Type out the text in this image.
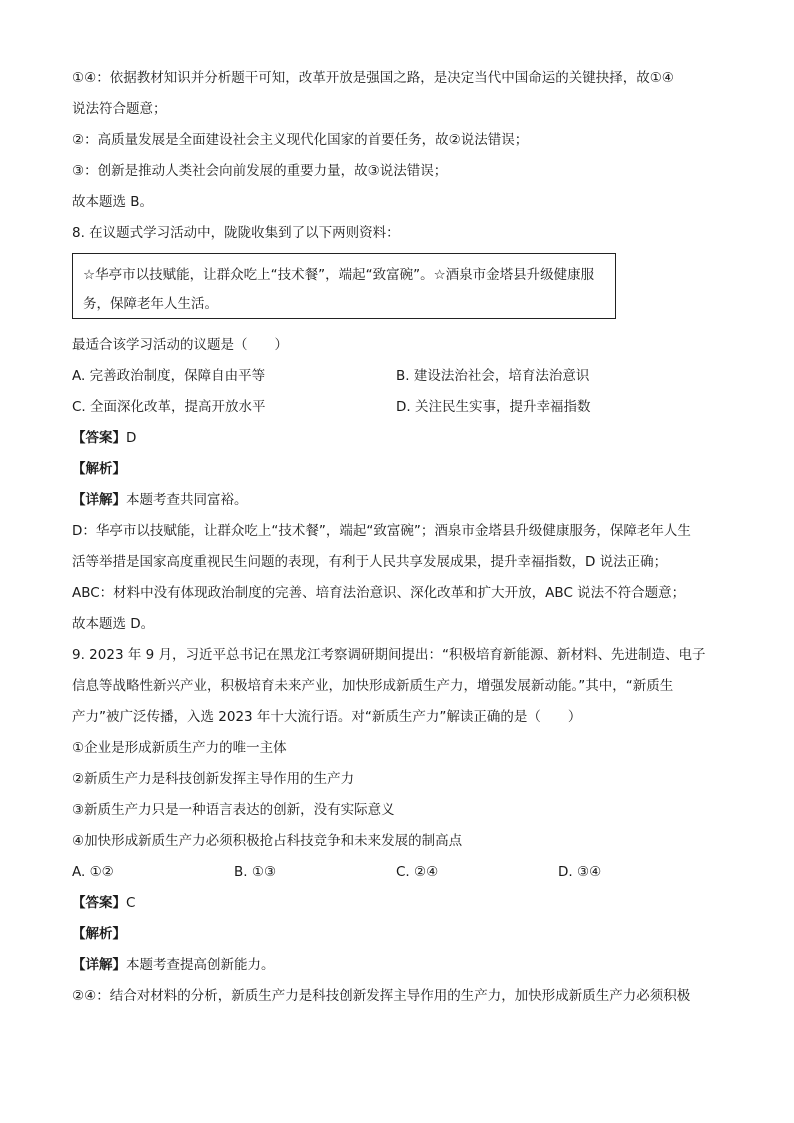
①④：依据教材知识并分析题干可知，改革开放是强国之路，是决定当代中国命运的关键抉择，故①④
说法符合题意；
②：高质量发展是全面建设社会主义现代化国家的首要任务，故②说法错误；
③：创新是推动人类社会向前发展的重要力量，故③说法错误；
故本题选 B。
8. 在议题式学习活动中，陇陇收集到了以下两则资料：
☆华亭市以技赋能，让群众吃上“技术餐”，端起“致富碗”。☆酒泉市金塔县升级健康服
务，保障老年人生活。
最适合该学习活动的议题是（　　）
A. 完善政治制度，保障自由平等	B. 建设法治社会，培育法治意识
C. 全面深化改革，提高开放水平	D. 关注民生实事，提升幸福指数
【答案】D
【解析】
【详解】本题考查共同富裕。
D：华亭市以技赋能，让群众吃上“技术餐”，端起“致富碗”；酒泉市金塔县升级健康服务，保障老年人生
活等举措是国家高度重视民生问题的表现，有利于人民共享发展成果，提升幸福指数，D 说法正确；
ABC：材料中没有体现政治制度的完善、培育法治意识、深化改革和扩大开放，ABC 说法不符合题意；
故本题选 D。
9. 2023 年 9 月，习近平总书记在黑龙江考察调研期间提出：“积极培育新能源、新材料、先进制造、电子
信息等战略性新兴产业，积极培育未来产业，加快形成新质生产力，增强发展新动能。”其中，“新质生
产力”被广泛传播，入选 2023 年十大流行语。对“新质生产力”解读正确的是（　　）
①企业是形成新质生产力的唯一主体
②新质生产力是科技创新发挥主导作用的生产力
③新质生产力只是一种语言表达的创新，没有实际意义
④加快形成新质生产力必须积极抢占科技竞争和未来发展的制高点
A. ①②	B. ①③	C. ②④	D. ③④
【答案】C
【解析】
【详解】本题考查提高创新能力。
②④：结合对材料的分析，新质生产力是科技创新发挥主导作用的生产力，加快形成新质生产力必须积极
